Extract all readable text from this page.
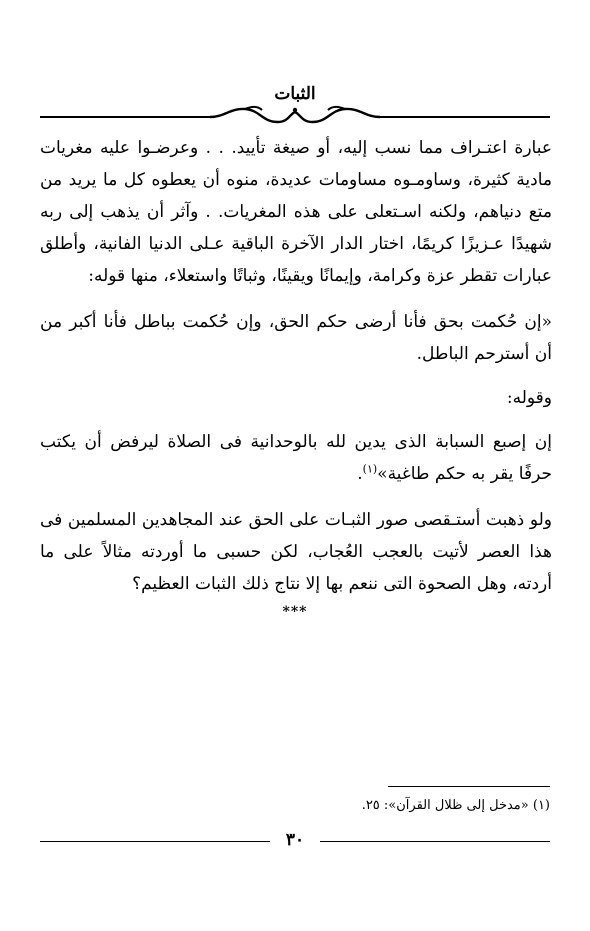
الثبات

عبارة اعتـراف مما نسب إليه، أو صيغة تأييد. . . وعرضـوا عليه مغريات مادية كثيرة، وساومـوه مساومات عديدة، منوه أن يعطوه كل ما يريد من متع دنياهم، ولكنه اسـتعلى على هذه المغريات. . وآثر أن يذهب إلى ربه شهيدًا عـزيزًا كريمًا، اختار الدار الآخرة الباقية عـلى الدنيا الفانية، وأطلق عبارات تقطر عزة وكرامة، وإيمانًا ويقينًا، وثباتًا واستعلاء، منها قوله:

«إن حُكمت بحق فأنا أرضى حكم الحق، وإن حُكمت بباطل فأنا أكبر من أن أسترحم الباطل.

وقوله:

إن إصبع السبابة الذى يدين لله بالوحدانية فى الصلاة ليرفض أن يكتب حرفًا يقر به حكم طاغية»$^{(١)}$.

ولو ذهبت أستـقصى صور الثبـات على الحق عند المجاهدين المسلمين فى هذا العصر لأتيت بالعجب العُجاب، لكن حسبى ما أوردته مثالاً على ما أردته، وهل الصحوة التى ننعم بها إلا نتاج ذلك الثبات العظيم؟

***
(١) «مدخل إلى ظلال القرآن»: ٢٥.
٣٠
